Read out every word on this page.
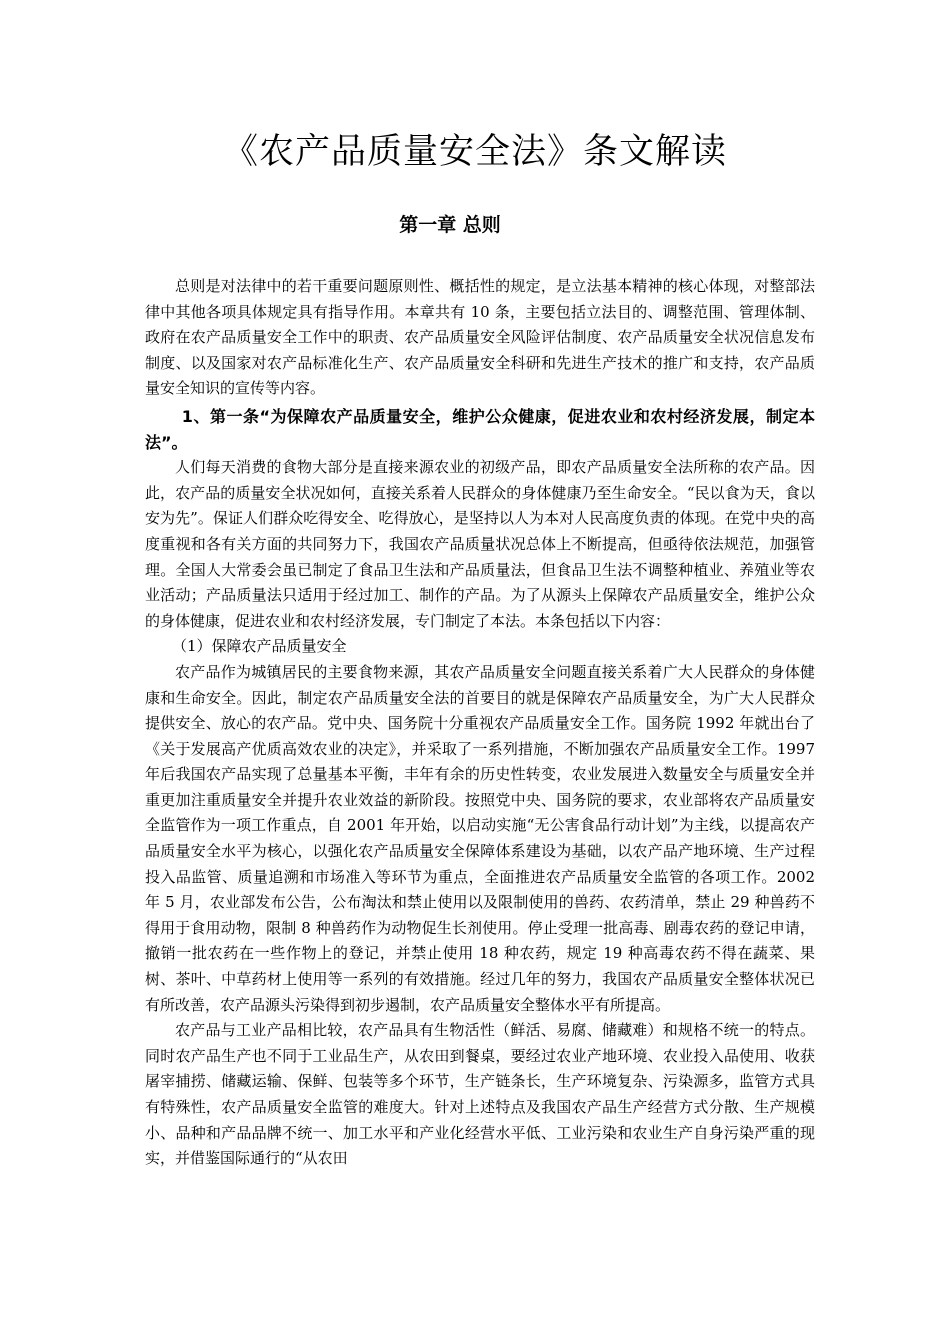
《农产品质量安全法》条文解读
第一章 总则

总则是对法律中的若干重要问题原则性、概括性的规定，是立法基本精神的核心体现，对整部法律中其他各项具体规定具有指导作用。本章共有 10 条，主要包括立法目的、调整范围、管理体制、政府在农产品质量安全工作中的职责、农产品质量安全风险评估制度、农产品质量安全状况信息发布制度、以及国家对农产品标准化生产、农产品质量安全科研和先进生产技术的推广和支持，农产品质量安全知识的宣传等内容。

1、第一条“为保障农产品质量安全，维护公众健康，促进农业和农村经济发展，制定本法”。

人们每天消费的食物大部分是直接来源农业的初级产品，即农产品质量安全法所称的农产品。因此，农产品的质量安全状况如何，直接关系着人民群众的身体健康乃至生命安全。“民以食为天，食以安为先”。保证人们群众吃得安全、吃得放心，是坚持以人为本对人民高度负责的体现。在党中央的高度重视和各有关方面的共同努力下，我国农产品质量状况总体上不断提高，但亟待依法规范，加强管理。全国人大常委会虽已制定了食品卫生法和产品质量法，但食品卫生法不调整种植业、养殖业等农业活动；产品质量法只适用于经过加工、制作的产品。为了从源头上保障农产品质量安全，维护公众的身体健康，促进农业和农村经济发展，专门制定了本法。本条包括以下内容：

（1）保障农产品质量安全

农产品作为城镇居民的主要食物来源，其农产品质量安全问题直接关系着广大人民群众的身体健康和生命安全。因此，制定农产品质量安全法的首要目的就是保障农产品质量安全，为广大人民群众提供安全、放心的农产品。党中央、国务院十分重视农产品质量安全工作。国务院 1992 年就出台了《关于发展高产优质高效农业的决定》，并采取了一系列措施，不断加强农产品质量安全工作。1997 年后我国农产品实现了总量基本平衡，丰年有余的历史性转变，农业发展进入数量安全与质量安全并重更加注重质量安全并提升农业效益的新阶段。按照党中央、国务院的要求，农业部将农产品质量安全监管作为一项工作重点，自 2001 年开始，以启动实施“无公害食品行动计划”为主线，以提高农产品质量安全水平为核心，以强化农产品质量安全保障体系建设为基础，以农产品产地环境、生产过程投入品监管、质量追溯和市场准入等环节为重点，全面推进农产品质量安全监管的各项工作。2002 年 5 月，农业部发布公告，公布淘汰和禁止使用以及限制使用的兽药、农药清单，禁止 29 种兽药不得用于食用动物，限制 8 种兽药作为动物促生长剂使用。停止受理一批高毒、剧毒农药的登记申请，撤销一批农药在一些作物上的登记，并禁止使用 18 种农药，规定 19 种高毒农药不得在蔬菜、果树、茶叶、中草药材上使用等一系列的有效措施。经过几年的努力，我国农产品质量安全整体状况已有所改善，农产品源头污染得到初步遏制，农产品质量安全整体水平有所提高。

农产品与工业产品相比较，农产品具有生物活性（鲜活、易腐、储藏难）和规格不统一的特点。同时农产品生产也不同于工业品生产，从农田到餐桌，要经过农业产地环境、农业投入品使用、收获屠宰捕捞、储藏运输、保鲜、包装等多个环节，生产链条长，生产环境复杂、污染源多，监管方式具有特殊性，农产品质量安全监管的难度大。针对上述特点及我国农产品生产经营方式分散、生产规模小、品种和产品品牌不统一、加工水平和产业化经营水平低、工业污染和农业生产自身污染严重的现实，并借鉴国际通行的“从农田
